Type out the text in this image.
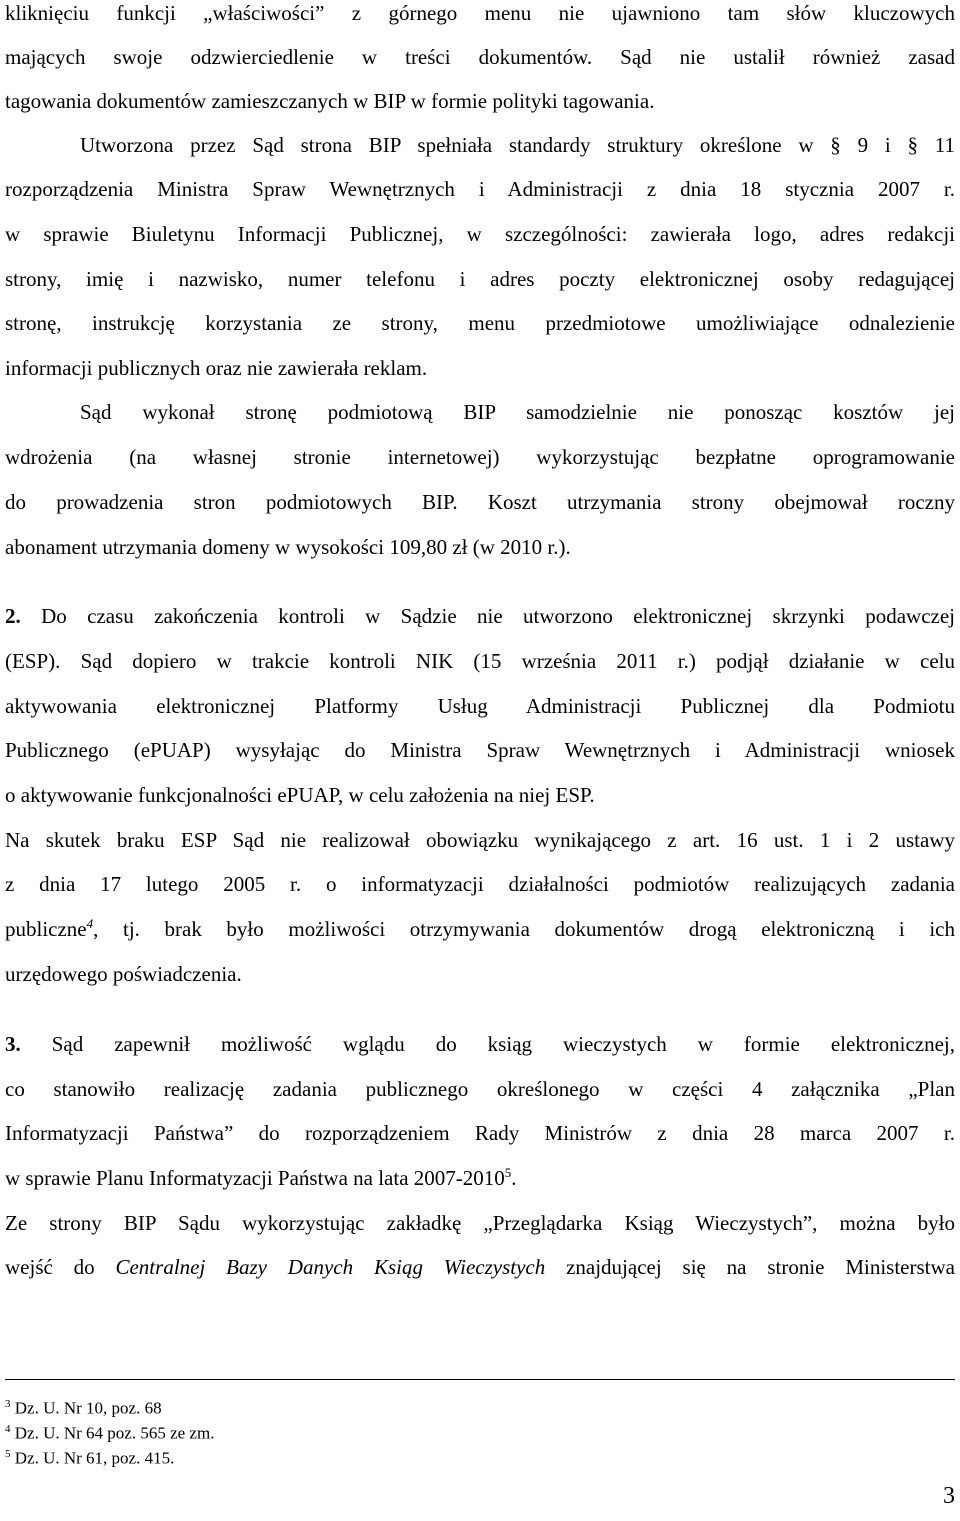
kliknięciu funkcji „właściwości” z górnego menu nie ujawniono tam słów kluczowych
mających swoje odzwierciedlenie w treści dokumentów. Sąd nie ustalił również zasad
tagowania dokumentów zamieszczanych w BIP w formie polityki tagowania.
Utworzona przez Sąd strona BIP spełniała standardy struktury określone w § 9 i § 11
rozporządzenia Ministra Spraw Wewnętrznych i Administracji z dnia 18 stycznia 2007 r.
w sprawie Biuletynu Informacji Publicznej, w szczególności: zawierała logo, adres redakcji
strony, imię i nazwisko, numer telefonu i adres poczty elektronicznej osoby redagującej
stronę, instrukcję korzystania ze strony, menu przedmiotowe umożliwiające odnalezienie
informacji publicznych oraz nie zawierała reklam.
Sąd wykonał stronę podmiotową BIP samodzielnie nie ponosząc kosztów jej
wdrożenia (na własnej stronie internetowej) wykorzystując bezpłatne oprogramowanie
do prowadzenia stron podmiotowych BIP. Koszt utrzymania strony obejmował roczny
abonament utrzymania domeny w wysokości 109,80 zł (w 2010 r.).
2. Do czasu zakończenia kontroli w Sądzie nie utworzono elektronicznej skrzynki podawczej
(ESP). Sąd dopiero w trakcie kontroli NIK (15 września 2011 r.) podjął działanie w celu
aktywowania elektronicznej Platformy Usług Administracji Publicznej dla Podmiotu
Publicznego (ePUAP) wysyłając do Ministra Spraw Wewnętrznych i Administracji wniosek
o aktywowanie funkcjonalności ePUAP, w celu założenia na niej ESP.
Na skutek braku ESP Sąd nie realizował obowiązku wynikającego z art. 16 ust. 1 i 2 ustawy
z dnia 17 lutego 2005 r. o informatyzacji działalności podmiotów realizujących zadania
publiczne$^4$, tj. brak było możliwości otrzymywania dokumentów drogą elektroniczną i ich
urzędowego poświadczenia.
3. Sąd zapewnił możliwość wglądu do ksiąg wieczystych w formie elektronicznej,
co stanowiło realizację zadania publicznego określonego w części 4 załącznika „Plan
Informatyzacji Państwa” do rozporządzeniem Rady Ministrów z dnia 28 marca 2007 r.
w sprawie Planu Informatyzacji Państwa na lata 2007-2010$^5$.
Ze strony BIP Sądu wykorzystując zakładkę „Przeglądarka Ksiąg Wieczystych”, można było
wejść do Centralnej Bazy Danych Ksiąg Wieczystych znajdującej się na stronie Ministerstwa
$^3$ Dz. U. Nr 10, poz. 68
$^4$ Dz. U. Nr 64 poz. 565 ze zm.
$^5$ Dz. U. Nr 61, poz. 415.
3
